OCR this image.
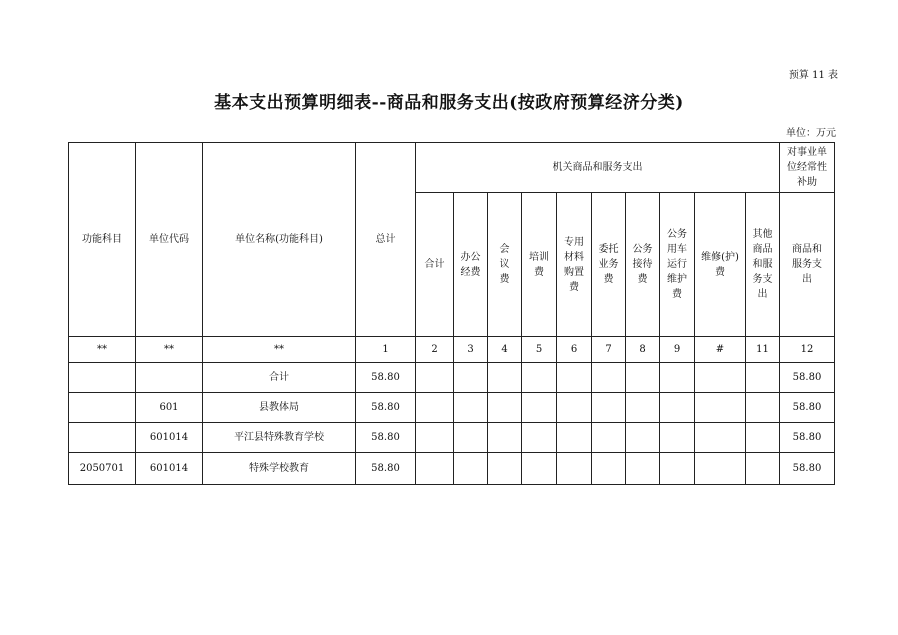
预算 11 表
基本支出预算明细表--商品和服务支出(按政府预算经济分类)
单位：万元
功能科目	单位代码	单位名称(功能科目)	总计	机关商品和服务支出										对事业单位经常性补助
				合计	办公经费	会议费	培训费	专用材料购置费	委托业务费	公务接待费	公务用车运行维护费	维修(护)费	其他商品和服务支出	商品和服务支出
**	**	**	1	2	3	4	5	6	7	8	9	#	11	12
		合计	58.80											58.80
	601	县教体局	58.80											58.80
	601014	平江县特殊教育学校	58.80											58.80
2050701	601014	特殊学校教育	58.80											58.80
